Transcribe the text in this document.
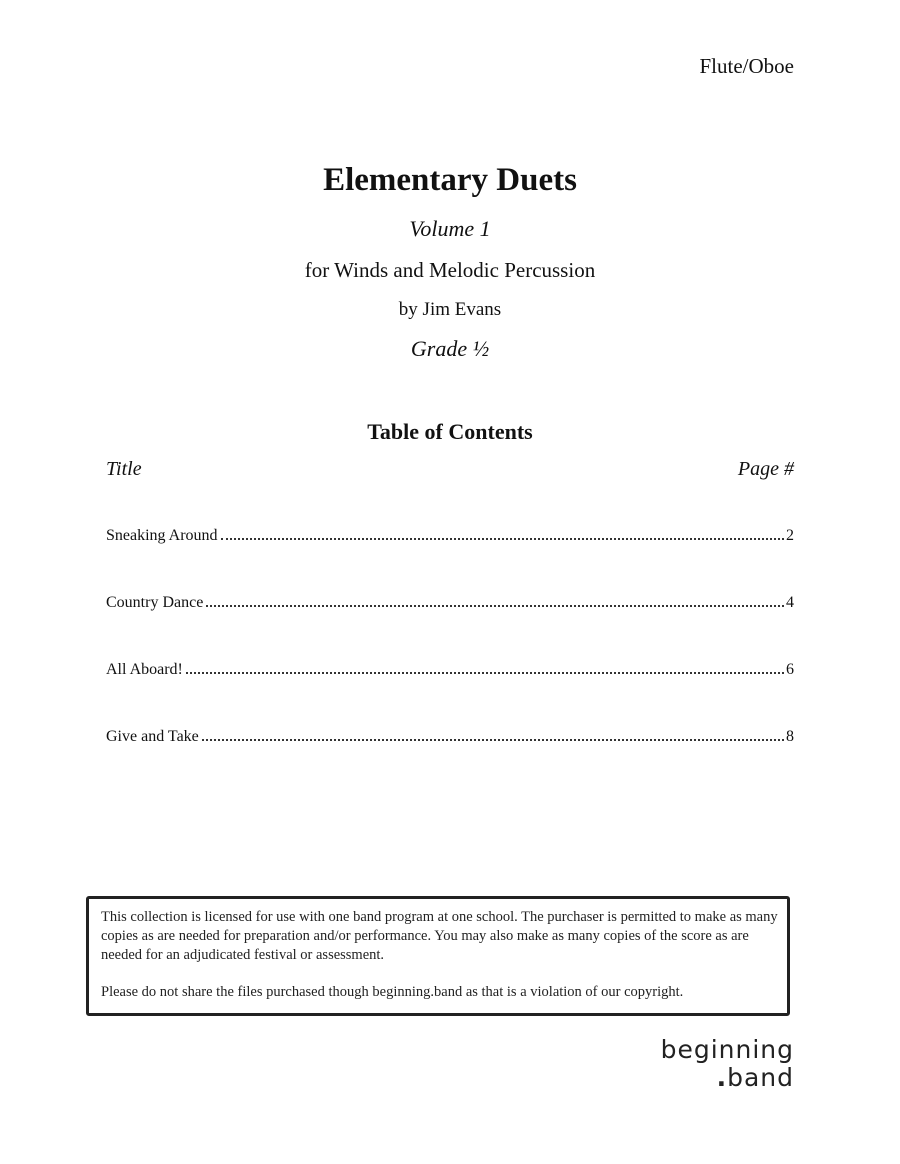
Flute/Oboe
Elementary Duets
Volume 1
for Winds and Melodic Percussion
by Jim Evans
Grade ½
Table of Contents
Title	Page #
Sneaking Around	2
Country Dance	4
All Aboard!	6
Give and Take	8

This collection is licensed for use with one band program at one school. The purchaser is permitted to make as many copies as are needed for preparation and/or performance. You may also make as many copies of the score as are needed for an adjudicated festival or assessment.

Please do not share the files purchased though beginning.band as that is a violation of our copyright.

beginning
.band
